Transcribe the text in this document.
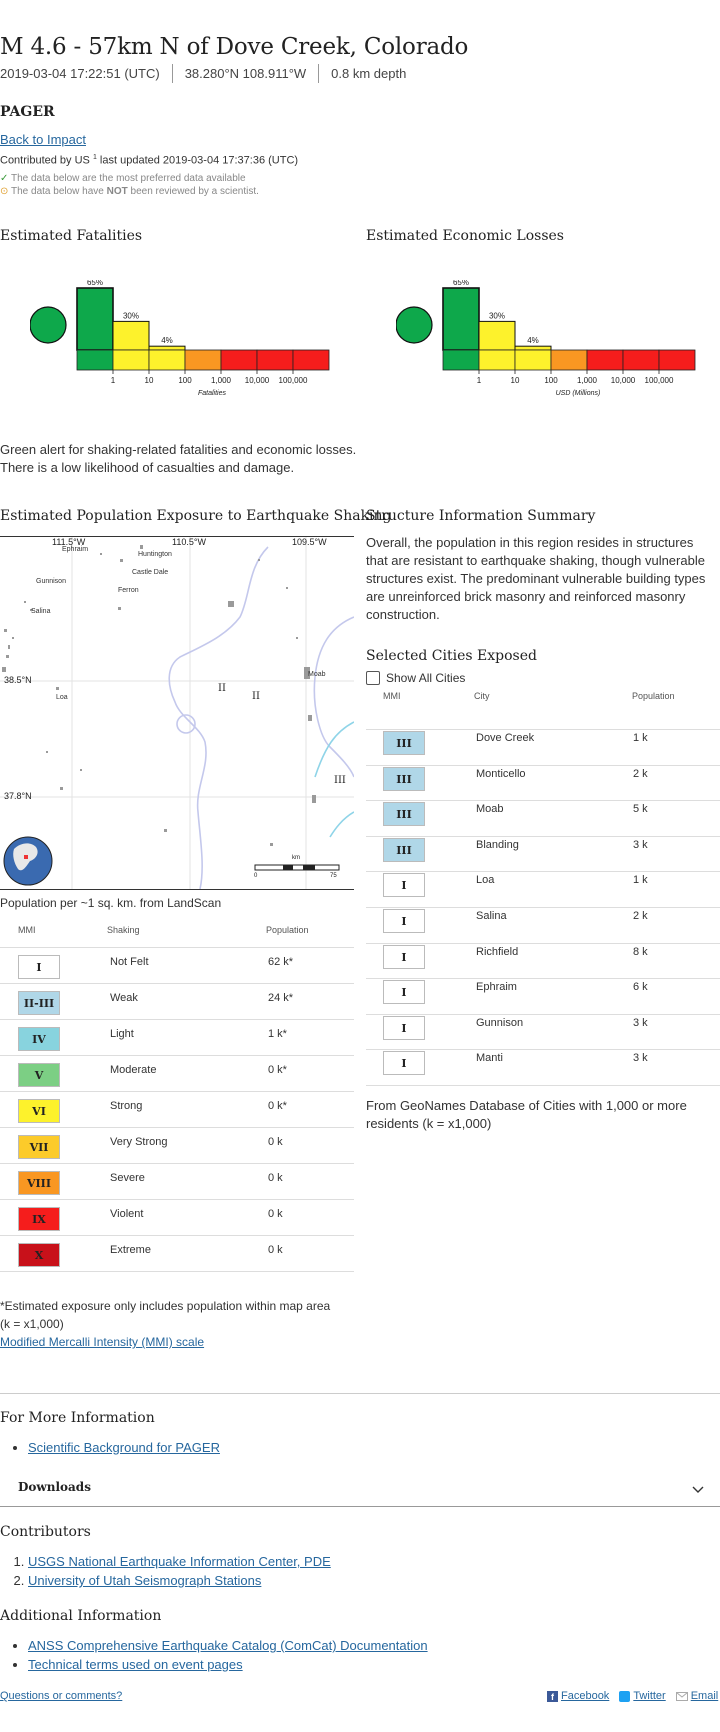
M 4.6 - 57km N of Dove Creek, Colorado
2019-03-04 17:22:51 (UTC)	38.280°N 108.911°W	0.8 km depth
PAGER
Back to Impact
Contributed by US $^1$ last updated 2019-03-04 17:37:36 (UTC)
✓ The data below are the most preferred data available
⊙ The data below have NOT been reviewed by a scientist.
Estimated Fatalities	Estimated Economic Losses
65%
30%
4%
1	10	100 1,000 10,000 100,000
Fatalities
65%
30%
4%
1	10	100 1,000 10,000 100,000
USD (Millions)
Green alert for shaking-related fatalities and economic losses.
There is a low likelihood of casualties and damage.
Estimated Population Exposure to Earthquake Shaking
111.5°W	110.5°W	109.5°W
38.5°N
37.8°N
Ephraim
Huntington
Castle Dale
Gunnison
Ferron
Salina
Moab
Loa
II
II
III
km
0	75
Population per ~1 sq. km. from LandScan
MMI	Shaking	Population
I	Not Felt	62 k*
II-III	Weak	24 k*
IV	Light	1 k*
V	Moderate	0 k*
VI	Strong	0 k*
VII	Very Strong	0 k
VIII	Severe	0 k
IX	Violent	0 k
X	Extreme	0 k
*Estimated exposure only includes population within map area
(k = x1,000)
Modified Mercalli Intensity (MMI) scale
Structure Information Summary
Overall, the population in this region resides in structures that are resistant to earthquake shaking, though vulnerable structures exist. The predominant vulnerable building types are unreinforced brick masonry and reinforced masonry construction.
Selected Cities Exposed
Show All Cities
MMI	City	Population
III	Dove Creek	1 k
III	Monticello	2 k
III	Moab	5 k
III	Blanding	3 k
I	Loa	1 k
I	Salina	2 k
I	Richfield	8 k
I	Ephraim	6 k
I	Gunnison	3 k
I	Manti	3 k
From GeoNames Database of Cities with 1,000 or more residents (k = x1,000)
For More Information
• Scientific Background for PAGER
Downloads
Contributors
1. USGS National Earthquake Information Center, PDE
2. University of Utah Seismograph Stations
Additional Information
• ANSS Comprehensive Earthquake Catalog (ComCat) Documentation
• Technical terms used on event pages
Questions or comments?	f Facebook Twitter Email
